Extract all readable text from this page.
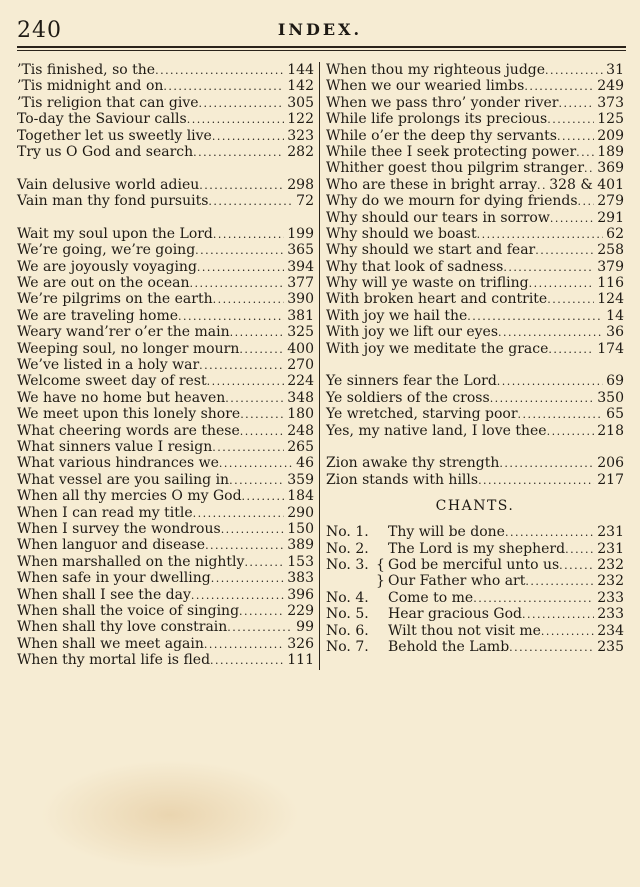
240	INDEX.
’Tis finished, so the . . .	144
’Tis midnight and on . . .	142
’Tis religion that can give . . .	305
To-day the Saviour calls . . .	122
Together let us sweetly live . . .	323
Try us O God and search . . .	282
Vain delusive world adieu . . .	298
Vain man thy fond pursuits . . .	72
Wait my soul upon the Lord . . .	199
We’re going, we’re going . . .	365
We are joyously voyaging . . .	394
We are out on the ocean . . .	377
We’re pilgrims on the earth . . .	390
We are traveling home . . .	381
Weary wand’rer o’er the main . . .	325
Weeping soul, no longer mourn . . .	400
We’ve listed in a holy war . . .	270
Welcome sweet day of rest . . .	224
We have no home but heaven . . .	348
We meet upon this lonely shore . . .	180
What cheering words are these . . .	248
What sinners value I resign . . .	265
What various hindrances we . . .	46
What vessel are you sailing in . . .	359
When all thy mercies O my God . . .	184
When I can read my title . . .	290
When I survey the wondrous . . .	150
When languor and disease . . .	389
When marshalled on the nightly . . .	153
When safe in your dwelling . . .	383
When shall I see the day . . .	396
When shall the voice of singing . . .	229
When shall thy love constrain . . .	99
When shall we meet again . . .	326
When thy mortal life is fled . . .	111
When thou my righteous judge . . .	31
When we our wearied limbs . . .	249
When we pass thro’ yonder river . . .	373
While life prolongs its precious . . .	125
While o’er the deep thy servants . . .	209
While thee I seek protecting power . . . 189
Whither goest thou pilgrim stranger . . . 369
Who are these in bright array . . . 328 & 401
Why do we mourn for dying friends . . . 279
Why should our tears in sorrow . . .	291
Why should we boast . . .	62
Why should we start and fear . . .	258
Why that look of sadness . . .	379
Why will ye waste on trifling . . .	116
With broken heart and contrite . . .	124
With joy we hail the . . .	14
With joy we lift our eyes . . .	36
With joy we meditate the grace . . .	174
Ye sinners fear the Lord . . .	69
Ye soldiers of the cross . . .	350
Ye wretched, starving poor . . .	65
Yes, my native land, I love thee . . .	218
Zion awake thy strength . . .	206
Zion stands with hills . . .	217
CHANTS.
No. 1.	Thy will be done . . .	231
No. 2.	The Lord is my shepherd . . . 231
No. 3. { God be merciful unto us . . .	232
} Our Father who art . . .	232
No. 4.	Come to me . . .	233
No. 5.	Hear gracious God . . .	233
No. 6.	Wilt thou not visit me . . .	234
No. 7.	Behold the Lamb . . .	235
